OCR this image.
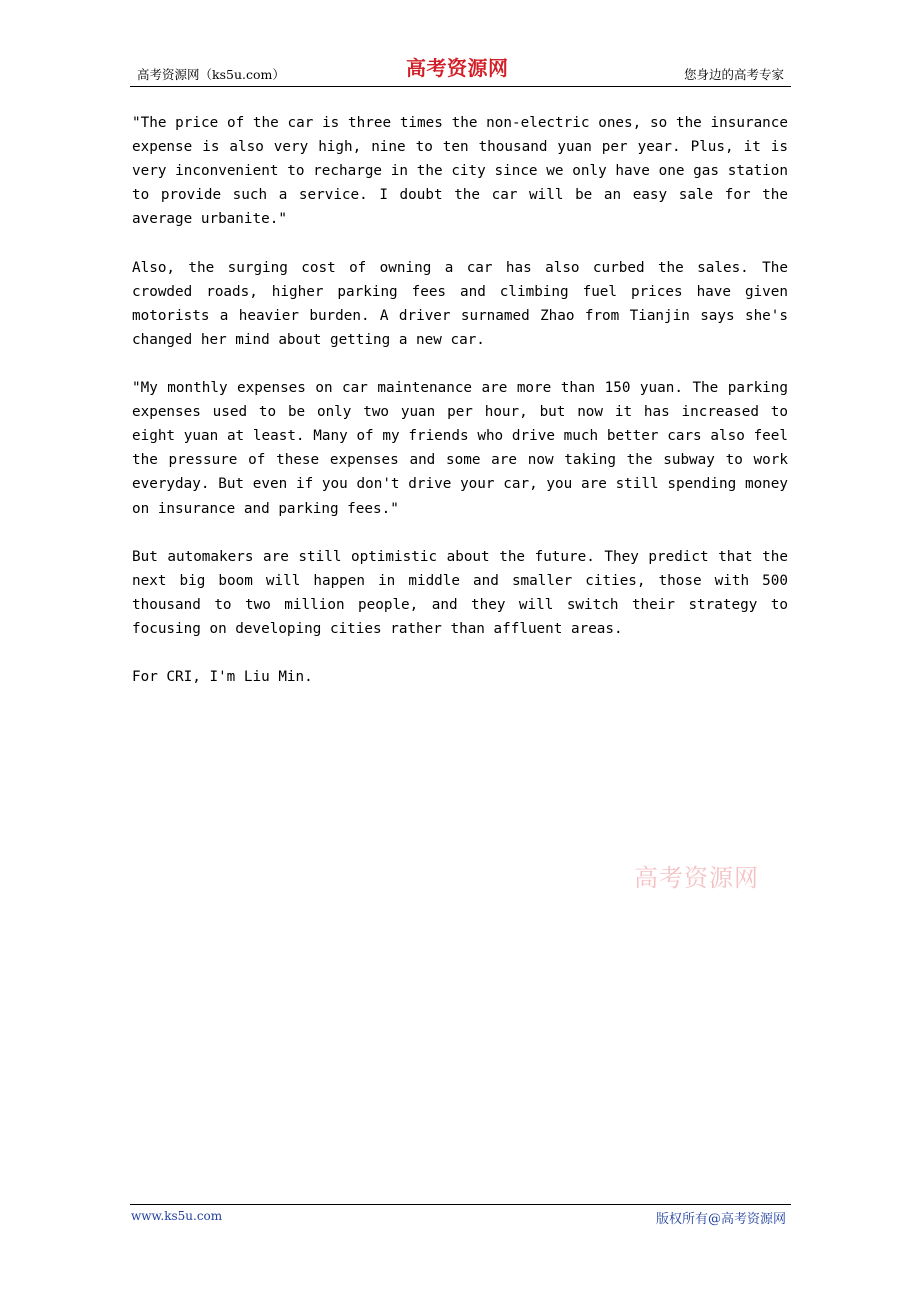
高考资源网（ks5u.com）	高考资源网	您身边的高考专家

"The price of the car is three times the non-electric ones, so the insurance expense is also very high, nine to ten thousand yuan per year. Plus, it is very inconvenient to recharge in the city since we only have one gas station to provide such a service. I doubt the car will be an easy sale for the average urbanite."

Also, the surging cost of owning a car has also curbed the sales. The crowded roads, higher parking fees and climbing fuel prices have given motorists a heavier burden. A driver surnamed Zhao from Tianjin says she's changed her mind about getting a new car.

"My monthly expenses on car maintenance are more than 150 yuan. The parking expenses used to be only two yuan per hour, but now it has increased to eight yuan at least. Many of my friends who drive much better cars also feel the pressure of these expenses and some are now taking the subway to work everyday. But even if you don't drive your car, you are still spending money on insurance and parking fees."

But automakers are still optimistic about the future. They predict that the next big boom will happen in middle and smaller cities, those with 500 thousand to two million people, and they will switch their strategy to focusing on developing cities rather than affluent areas.

For CRI, I'm Liu Min.

高考资源网
www.ks5u.com	版权所有@高考资源网
